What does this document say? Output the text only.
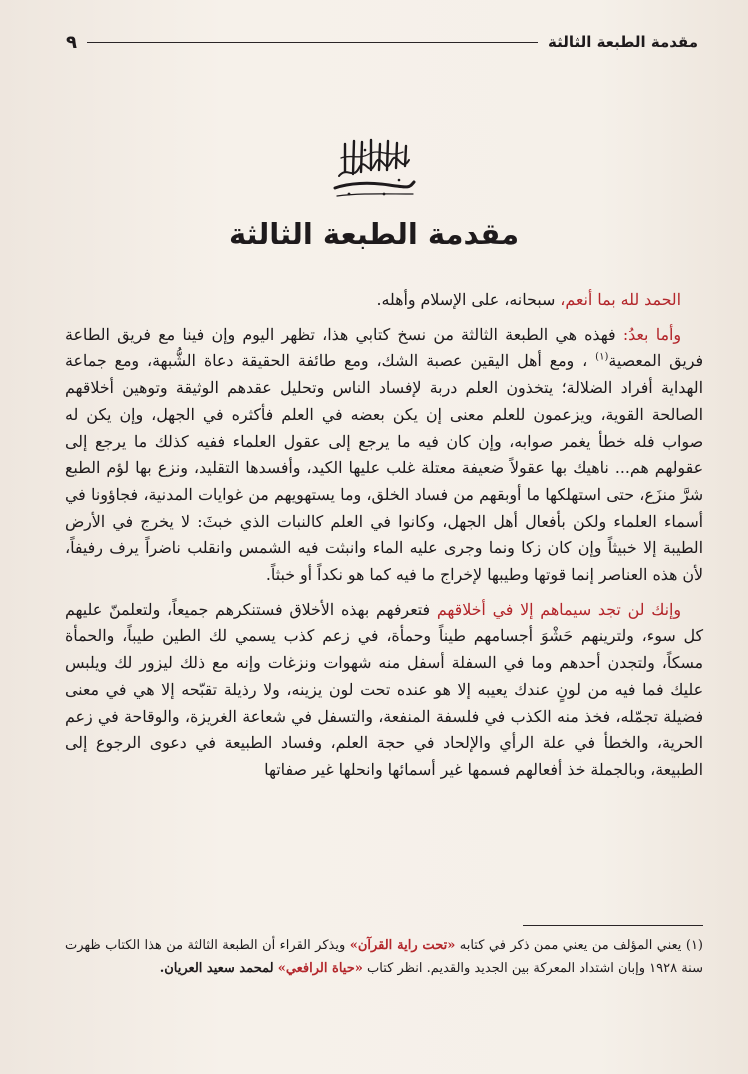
مقدمة الطبعة الثالثة
٩
مقدمة الطبعة الثالثة

الحمد لله بما أنعم، سبحانه، على الإسلام وأهله.

وأما بعدُ: فهذه هي الطبعة الثالثة من نسخ كتابي هذا، تظهر اليوم وإن فينا مع فريق الطاعة فريق المعصية$^{(١)}$ ، ومع أهل اليقين عصبة الشك، ومع طائفة الحقيقة دعاة الشُّبهة، ومع جماعة الهداية أفراد الضلالة؛ يتخذون العلم دربة لإفساد الناس وتحليل عقدهم الوثيقة وتوهين أخلاقهم الصالحة القوية، ويزعمون للعلم معنى إن يكن بعضه في العلم فأكثره في الجهل، وإن يكن له صواب فله خطأ يغمر صوابه، وإن كان فيه ما يرجع إلى عقول العلماء ففيه كذلك ما يرجع إلى عقولهم هم... ناهيك بها عقولاً ضعيفة معتلة غلب عليها الكيد، وأفسدها التقليد، ونزع بها لؤم الطبع شرَّ منزَع، حتى استهلكها ما أوبقهم من فساد الخلق، وما يستهويهم من غوايات المدنية، فجاؤونا في أسماء العلماء ولكن بأفعال أهل الجهل، وكانوا في العلم كالنبات الذي خبثَ: لا يخرج في الأرض الطيبة إلا خبيثاً وإن كان زكا ونما وجرى عليه الماء وانبثت فيه الشمس وانقلب ناضراً يرف رفيفاً، لأن هذه العناصر إنما قوتها وطيبها لإخراج ما فيه كما هو نكداً أو خبثاً.

وإنك لن تجد سيماهم إلا في أخلاقهم فتعرفهم بهذه الأخلاق فستنكرهم جميعاً، ولتعلمنّ عليهم كل سوء، ولترينهم حَشْوَ أجسامهم طيناً وحمأة، في زعم كذب يسمي لك الطين طيباً، والحمأة مسكاً، ولتجدن أحدهم وما في السفلة أسفل منه شهوات ونزغات وإنه مع ذلك ليزور لك ويلبس عليك فما فيه من لونٍ عندك يعيبه إلا هو عنده تحت لون يزينه، ولا رذيلة تقبّحه إلا هي في معنى فضيلة تجمّله، فخذ منه الكذب في فلسفة المنفعة، والتسفل في شعاعة الغريزة، والوقاحة في زعم الحرية، والخطأ في علة الرأي والإلحاد في حجة العلم، وفساد الطبيعة في دعوى الرجوع إلى الطبيعة، وبالجملة خذ أفعالهم فسمها غير أسمائها وانحلها غير صفاتها

(١) يعني المؤلف من يعني ممن ذكر في كتابه «تحت راية القرآن» ويذكر القراء أن الطبعة الثالثة من هذا الكتاب ظهرت سنة ١٩٢٨ وإبان اشتداد المعركة بين الجديد والقديم. انظر كتاب «حياة الرافعي» لمحمد سعيد العريان.
